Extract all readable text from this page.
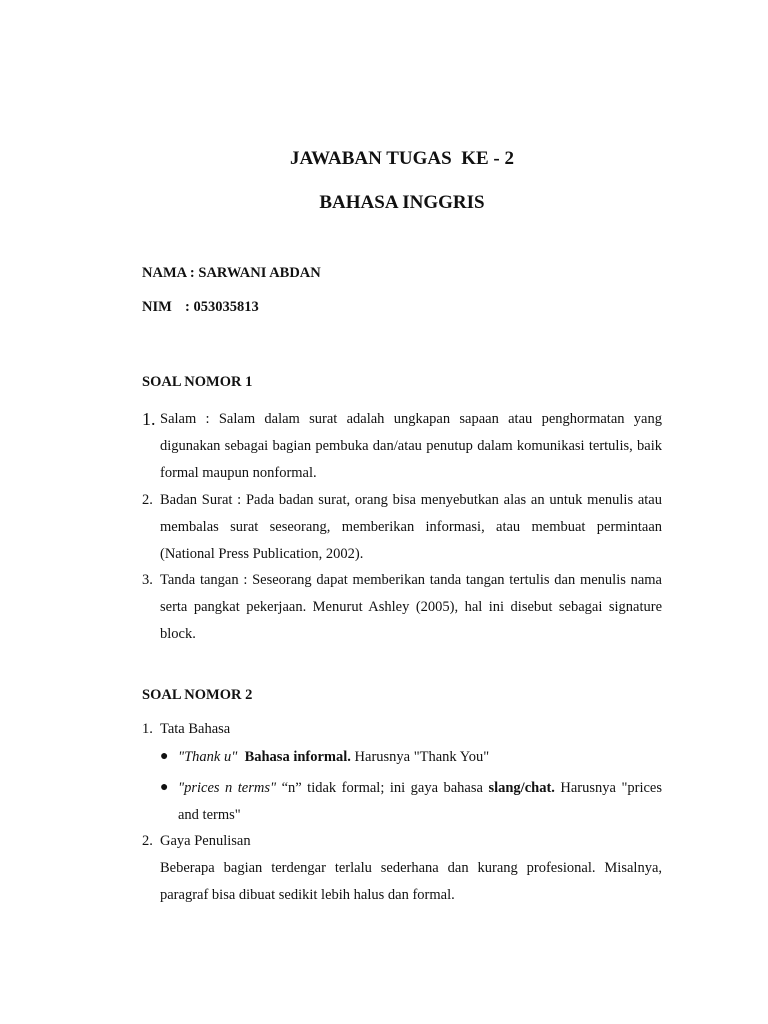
JAWABAN TUGAS  KE - 2
BAHASA INGGRIS
NAMA : SARWANI ABDAN
NIM : 053035813
SOAL NOMOR 1
1. Salam : Salam dalam surat adalah ungkapan sapaan atau penghormatan yang digunakan sebagai bagian pembuka dan/atau penutup dalam komunikasi tertulis, baik formal maupun nonformal.
2. Badan Surat : Pada badan surat, orang bisa menyebutkan alas an untuk menulis atau membalas surat seseorang, memberikan informasi, atau membuat permintaan (National Press Publication, 2002).
3. Tanda tangan : Seseorang dapat memberikan tanda tangan tertulis dan menulis nama serta pangkat pekerjaan. Menurut Ashley (2005), hal ini disebut sebagai signature block.
SOAL NOMOR 2
1. Tata Bahasa
● "Thank u" Bahasa informal. Harusnya "Thank You"
● "prices n terms" “n” tidak formal; ini gaya bahasa slang/chat. Harusnya "prices and terms"
2. Gaya Penulisan
Beberapa bagian terdengar terlalu sederhana dan kurang profesional. Misalnya, paragraf bisa dibuat sedikit lebih halus dan formal.
